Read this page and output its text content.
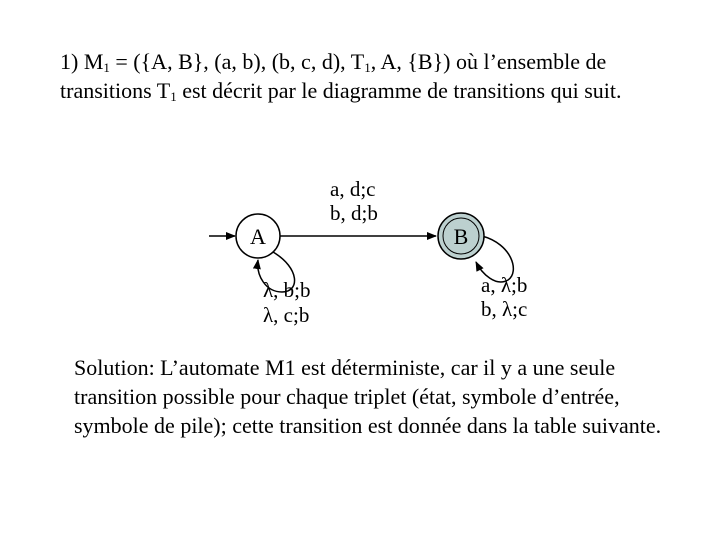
1) $M_1 = (\{A$, B}, (a, b), (b, c, d), $T_1$, A, {B}) où l’ensemble de transitions $T_1$ est décrit par le diagramme de transitions qui suit.

A	B
a, d;c
b, d;b
λ, b;b
λ, c;b
a, λ;b
b, λ;c

Solution: L’automate M1 est déterministe, car il y a une seule transition possible pour chaque triplet (état, symbole d’entrée, symbole de pile); cette transition est donnée dans la table suivante.
